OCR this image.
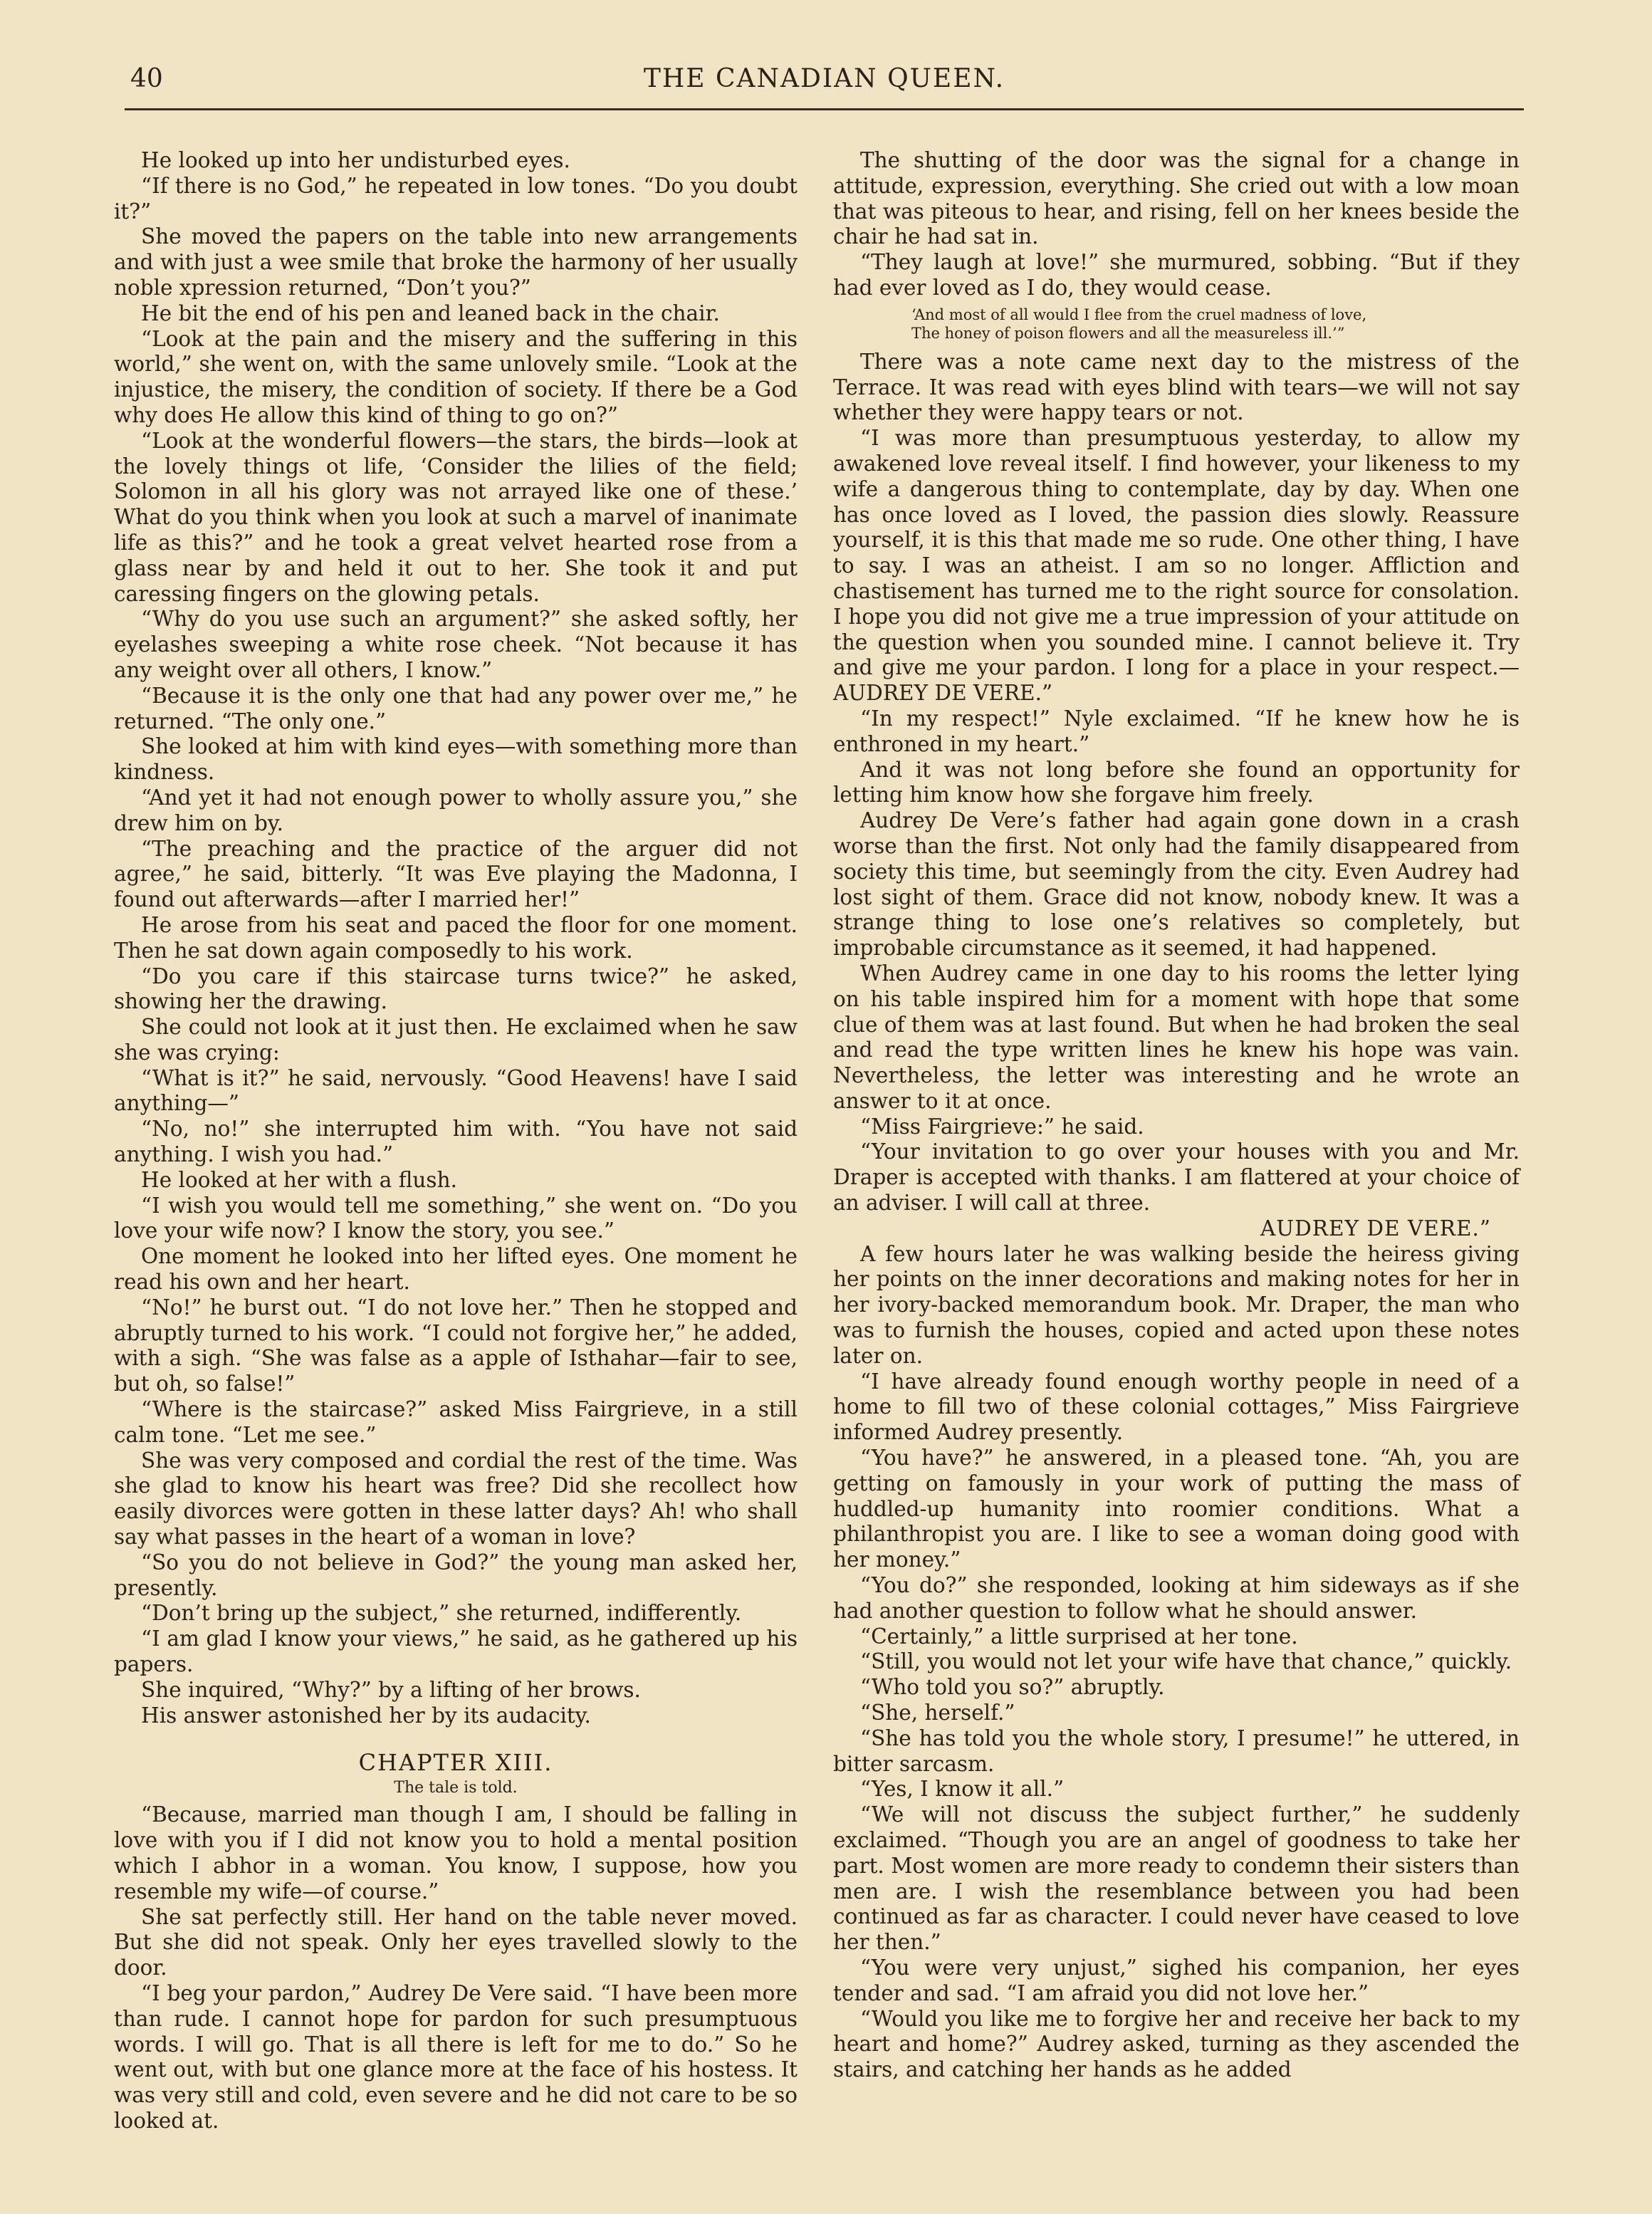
40	THE CANADIAN QUEEN.

He looked up into her undisturbed eyes.

“If there is no God,” he repeated in low tones. “Do you doubt it?”

She moved the papers on the table into new arrangements and with just a wee smile that broke the harmony of her usually noble xpression returned, “Don’t you?”

He bit the end of his pen and leaned back in the chair.

“Look at the pain and the misery and the suffering in this world,” she went on, with the same unlovely smile. “Look at the injustice, the misery, the condition of society. If there be a God why does He allow this kind of thing to go on?”

“Look at the wonderful flowers—the stars, the birds—look at the lovely things ot life, ‘Consider the lilies of the field; Solomon in all his glory was not arrayed like one of these.’ What do you think when you look at such a marvel of inanimate life as this?” and he took a great velvet hearted rose from a glass near by and held it out to her. She took it and put caressing fingers on the glowing petals.

“Why do you use such an argument?” she asked softly, her eyelashes sweeping a white rose cheek. “Not because it has any weight over all others, I know.”

“Because it is the only one that had any power over me,” he returned. “The only one.”

She looked at him with kind eyes—with something more than kindness.

“And yet it had not enough power to wholly assure you,” she drew him on by.

“The preaching and the practice of the arguer did not agree,” he said, bitterly. “It was Eve playing the Madonna, I found out afterwards—after I married her!”

He arose from his seat and paced the floor for one moment. Then he sat down again composedly to his work.

“Do you care if this staircase turns twice?” he asked, showing her the drawing.

She could not look at it just then. He exclaimed when he saw she was crying:

“What is it?” he said, nervously. “Good Heavens! have I said anything—”

“No, no!” she interrupted him with. “You have not said anything. I wish you had.”

He looked at her with a flush.

“I wish you would tell me something,” she went on. “Do you love your wife now? I know the story, you see.”

One moment he looked into her lifted eyes. One moment he read his own and her heart.

“No!” he burst out. “I do not love her.” Then he stopped and abruptly turned to his work. “I could not forgive her,” he added, with a sigh. “She was false as a apple of Isthahar—fair to see, but oh, so false!”

“Where is the staircase?” asked Miss Fairgrieve, in a still calm tone. “Let me see.”

She was very composed and cordial the rest of the time. Was she glad to know his heart was free? Did she recollect how easily divorces were gotten in these latter days? Ah! who shall say what passes in the heart of a woman in love?

“So you do not believe in God?” the young man asked her, presently.

“Don’t bring up the subject,” she returned, indifferently.

“I am glad I know your views,” he said, as he gathered up his papers.

She inquired, “Why?” by a lifting of her brows.

His answer astonished her by its audacity.

CHAPTER XIII.
The tale is told.

“Because, married man though I am, I should be falling in love with you if I did not know you to hold a mental position which I abhor in a woman. You know, I suppose, how you resemble my wife—of course.”

She sat perfectly still. Her hand on the table never moved. But she did not speak. Only her eyes travelled slowly to the door.

“I beg your pardon,” Audrey De Vere said. “I have been more than rude. I cannot hope for pardon for such presumptuous words. I will go. That is all there is left for me to do.” So he went out, with but one glance more at the face of his hostess. It was very still and cold, even severe and he did not care to be so looked at.

The shutting of the door was the signal for a change in attitude, expression, everything. She cried out with a low moan that was piteous to hear, and rising, fell on her knees beside the chair he had sat in.

“They laugh at love!” she murmured, sobbing. “But if they had ever loved as I do, they would cease.

‘And most of all would I flee from the cruel madness of love,
The honey of poison flowers and all the measureless ill.’”

There was a note came next day to the mistress of the Terrace. It was read with eyes blind with tears—we will not say whether they were happy tears or not.

“I was more than presumptuous yesterday, to allow my awakened love reveal itself. I find however, your likeness to my wife a dangerous thing to contemplate, day by day. When one has once loved as I loved, the passion dies slowly. Reassure yourself, it is this that made me so rude. One other thing, I have to say. I was an atheist. I am so no longer. Affliction and chastisement has turned me to the right source for consolation. I hope you did not give me a true impression of your attitude on the question when you sounded mine. I cannot believe it. Try and give me your pardon. I long for a place in your respect.—AUDREY DE VERE.”

“In my respect!” Nyle exclaimed. “If he knew how he is enthroned in my heart.”

And it was not long before she found an opportunity for letting him know how she forgave him freely.

Audrey De Vere’s father had again gone down in a crash worse than the first. Not only had the family disappeared from society this time, but seemingly from the city. Even Audrey had lost sight of them. Grace did not know, nobody knew. It was a strange thing to lose one’s relatives so completely, but improbable circumstance as it seemed, it had happened.

When Audrey came in one day to his rooms the letter lying on his table inspired him for a moment with hope that some clue of them was at last found. But when he had broken the seal and read the type written lines he knew his hope was vain. Nevertheless, the letter was interesting and he wrote an answer to it at once.

“Miss Fairgrieve:” he said.

“Your invitation to go over your houses with you and Mr. Draper is accepted with thanks. I am flattered at your choice of an adviser. I will call at three.

AUDREY DE VERE.”

A few hours later he was walking beside the heiress giving her points on the inner decorations and making notes for her in her ivory-backed memorandum book. Mr. Draper, the man who was to furnish the houses, copied and acted upon these notes later on.

“I have already found enough worthy people in need of a home to fill two of these colonial cottages,” Miss Fairgrieve informed Audrey presently.

“You have?” he answered, in a pleased tone. “Ah, you are getting on famously in your work of putting the mass of huddled-up humanity into roomier conditions. What a philanthropist you are. I like to see a woman doing good with her money.”

“You do?” she responded, looking at him sideways as if she had another question to follow what he should answer.

“Certainly,” a little surprised at her tone.

“Still, you would not let your wife have that chance,” quickly.

“Who told you so?” abruptly.

“She, herself.”

“She has told you the whole story, I presume!” he uttered, in bitter sarcasm.

“Yes, I know it all.”

“We will not discuss the subject further,” he suddenly exclaimed. “Though you are an angel of goodness to take her part. Most women are more ready to condemn their sisters than men are. I wish the resemblance between you had been continued as far as character. I could never have ceased to love her then.”

“You were very unjust,” sighed his companion, her eyes tender and sad. “I am afraid you did not love her.”

“Would you like me to forgive her and receive her back to my heart and home?” Audrey asked, turning as they ascended the stairs, and catching her hands as he added
